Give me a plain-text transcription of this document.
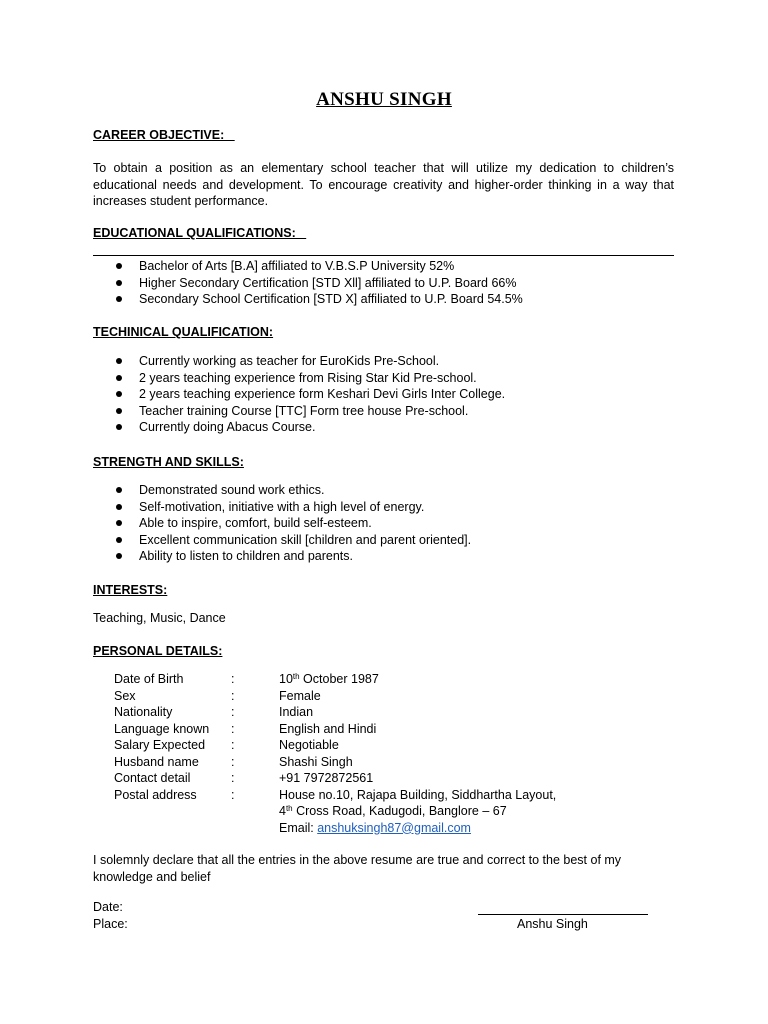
ANSHU SINGH
CAREER OBJECTIVE:
To obtain a position as an elementary school teacher that will utilize my dedication to children’s educational needs and development. To encourage creativity and higher-order thinking in a way that increases student performance.
EDUCATIONAL QUALIFICATIONS:
Bachelor of Arts [B.A] affiliated to V.B.S.P University 52%
Higher Secondary Certification [STD Xll] affiliated to U.P. Board 66%
Secondary School Certification [STD X] affiliated to U.P. Board 54.5%
TECHINICAL QUALIFICATION:
Currently working as teacher for EuroKids Pre-School.
2 years teaching experience from Rising Star Kid Pre-school.
2 years teaching experience form Keshari Devi Girls Inter College.
Teacher training Course [TTC] Form tree house Pre-school.
Currently doing Abacus Course.
STRENGTH AND SKILLS:
Demonstrated sound work ethics.
Self-motivation, initiative with a high level of energy.
Able to inspire, comfort, build self-esteem.
Excellent communication skill [children and parent oriented].
Ability to listen to children and parents.
INTERESTS:
Teaching, Music, Dance
PERSONAL DETAILS:
Date of Birth	:	10th October 1987
Sex	:	Female
Nationality	:	Indian
Language known	:	English and Hindi
Salary Expected	:	Negotiable
Husband name	:	Shashi Singh
Contact detail	:	+91 7972872561
Postal address	:	House no.10, Rajapa Building, Siddhartha Layout,
		4th Cross Road, Kadugodi, Banglore – 67
		Email: anshuksingh87@gmail.com
I solemnly declare that all the entries in the above resume are true and correct to the best of my knowledge and belief
Date:
Place:	Anshu Singh
